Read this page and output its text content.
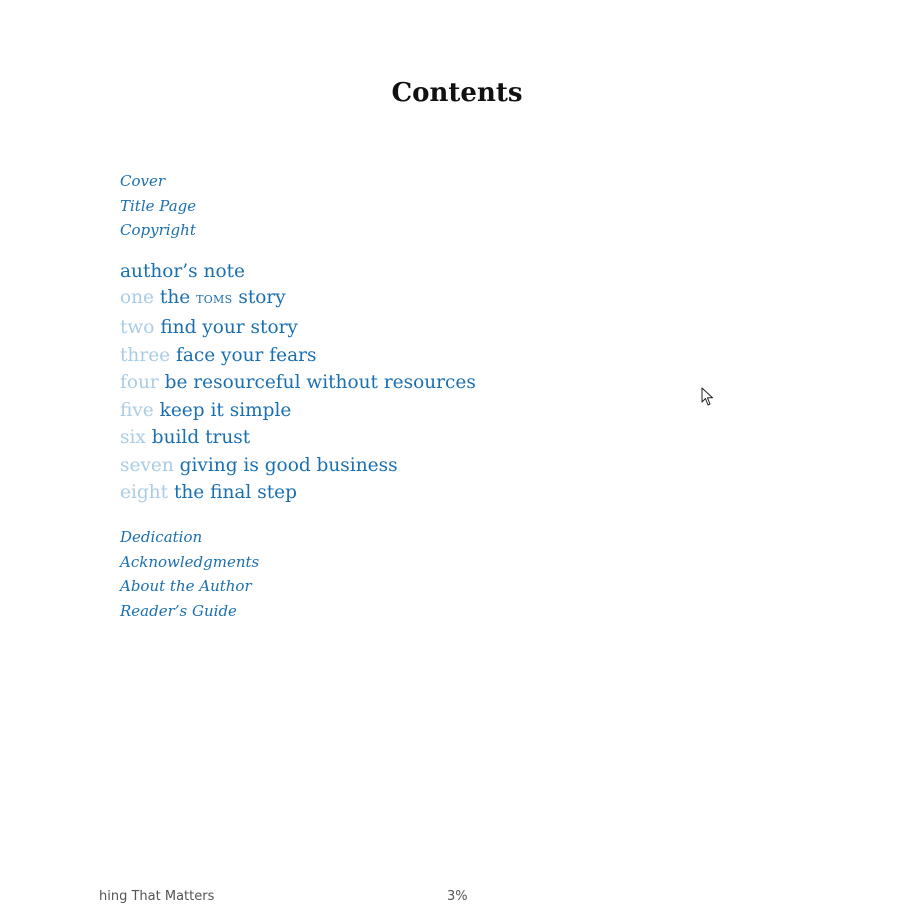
Contents
Cover
Title Page
Copyright
author’s note
one the toms story
two find your story
three face your fears
four be resourceful without resources
five keep it simple
six build trust
seven giving is good business
eight the final step
Dedication
Acknowledgments
About the Author
Reader’s Guide
hing That Matters	3%
